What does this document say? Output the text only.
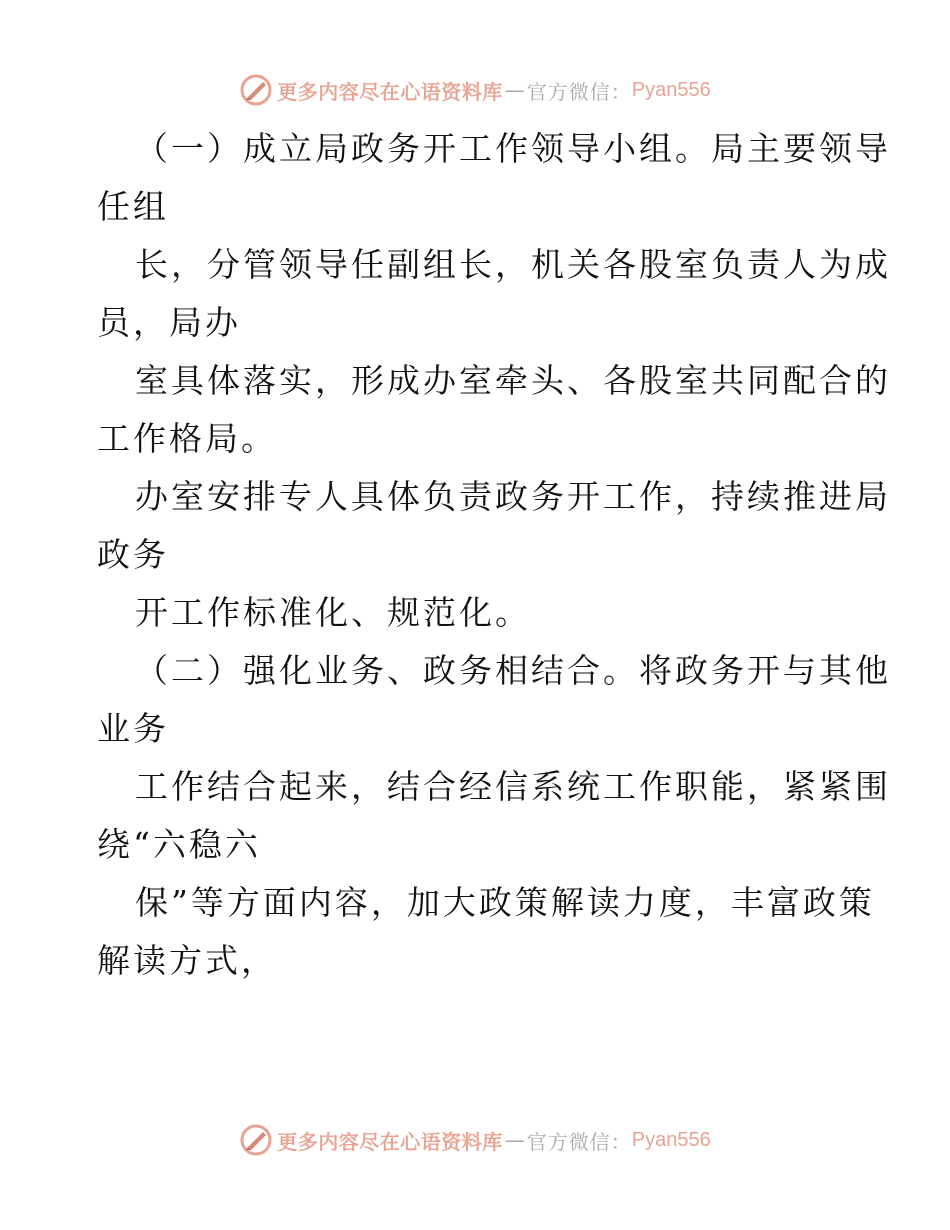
更多内容尽在心语资料库 — 官方微信： Pyan556
（一）成立局政务开工作领导小组。局主要领导
任组
长，分管领导任副组长，机关各股室负责人为成
员，局办
室具体落实，形成办室牵头、各股室共同配合的
工作格局。
办室安排专人具体负责政务开工作，持续推进局
政务
开工作标准化、规范化。
（二）强化业务、政务相结合。将政务开与其他
业务
工作结合起来，结合经信系统工作职能，紧紧围
绕“六稳六
保”等方面内容，加大政策解读力度，丰富政策
解读方式，
更多内容尽在心语资料库 — 官方微信： Pyan556
